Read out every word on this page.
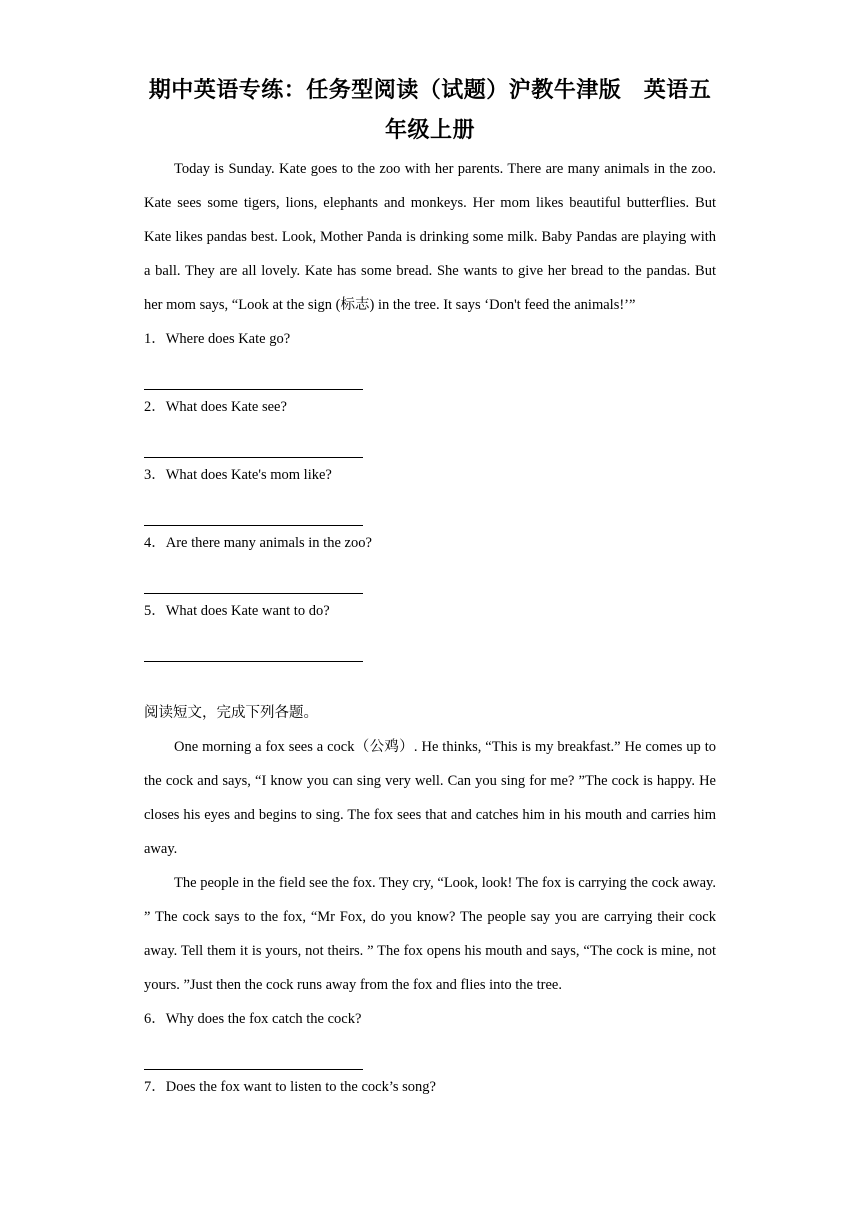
期中英语专练：任务型阅读（试题）沪教牛津版　英语五年级上册

Today is Sunday. Kate goes to the zoo with her parents. There are many animals in the zoo. Kate sees some tigers, lions, elephants and monkeys. Her mom likes beautiful butterflies. But Kate likes pandas best. Look, Mother Panda is drinking some milk. Baby Pandas are playing with a ball. They are all lovely. Kate has some bread. She wants to give her bread to the pandas. But her mom says, “Look at the sign (标志) in the tree. It says ‘Don't feed the animals!’”

1．Where does Kate go?

2．What does Kate see?

3．What does Kate's mom like?

4．Are there many animals in the zoo?

5．What does Kate want to do?

阅读短文，完成下列各题。

One morning a fox sees a cock（公鸡）. He thinks, “This is my breakfast.” He comes up to the cock and says, “I know you can sing very well. Can you sing for me? ”The cock is happy. He closes his eyes and begins to sing. The fox sees that and catches him in his mouth and carries him away.

The people in the field see the fox. They cry, “Look, look! The fox is carrying the cock away. ” The cock says to the fox, “Mr Fox, do you know? The people say you are carrying their cock away. Tell them it is yours, not theirs. ” The fox opens his mouth and says, “The cock is mine, not yours. ”Just then the cock runs away from the fox and flies into the tree.

6．Why does the fox catch the cock?

7．Does the fox want to listen to the cock’s song?
